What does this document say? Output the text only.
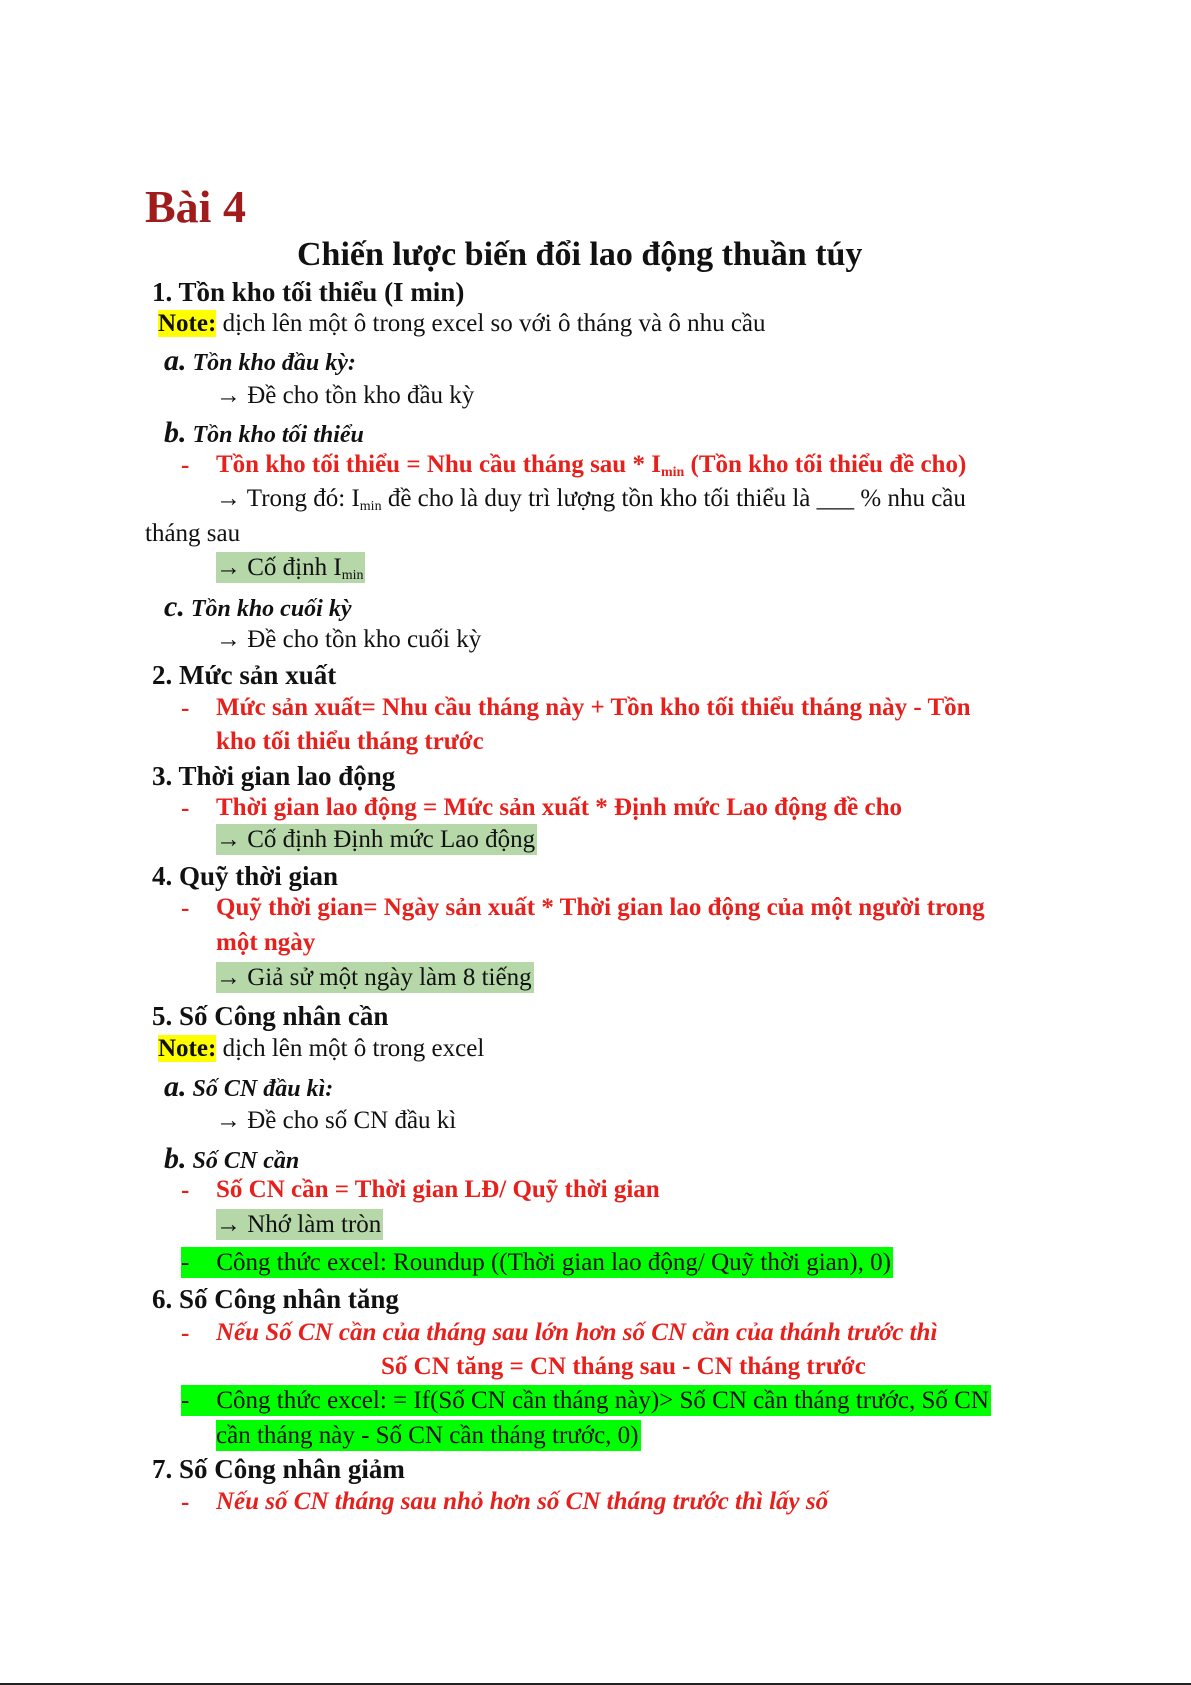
Bài 4
Chiến lược biến đổi lao động thuần túy
1. Tồn kho tối thiểu (I min)
Note: dịch lên một ô trong excel so với ô tháng và ô nhu cầu
a. Tồn kho đầu kỳ:
→ Đề cho tồn kho đầu kỳ
b. Tồn kho tối thiểu
- Tồn kho tối thiểu = Nhu cầu tháng sau * $I_{min}$ (Tồn kho tối thiểu đề cho)
→ Trong đó: $I_{min}$ đề cho là duy trì lượng tồn kho tối thiểu là ___ % nhu cầu
tháng sau
→ Cố định $I_{min}$
c. Tồn kho cuối kỳ
→ Đề cho tồn kho cuối kỳ
2. Mức sản xuất
- Mức sản xuất= Nhu cầu tháng này + Tồn kho tối thiểu tháng này - Tồn
kho tối thiểu tháng trước
3. Thời gian lao động
- Thời gian lao động = Mức sản xuất * Định mức Lao động đề cho
→ Cố định Định mức Lao động
4. Quỹ thời gian
- Quỹ thời gian= Ngày sản xuất * Thời gian lao động của một người trong
một ngày
→ Giả sử một ngày làm 8 tiếng
5. Số Công nhân cần
Note: dịch lên một ô trong excel
a. Số CN đầu kì:
→ Đề cho số CN đầu kì
b. Số CN cần
- Số CN cần = Thời gian LĐ/ Quỹ thời gian
→ Nhớ làm tròn
- Công thức excel: Roundup ((Thời gian lao động/ Quỹ thời gian), 0)
6. Số Công nhân tăng
- Nếu Số CN cần của tháng sau lớn hơn số CN cần của thánh trước thì
Số CN tăng = CN tháng sau - CN tháng trước
- Công thức excel: = If(Số CN cần tháng này)> Số CN cần tháng trước, Số CN
cần tháng này - Số CN cần tháng trước, 0)
7. Số Công nhân giảm
- Nếu số CN tháng sau nhỏ hơn số CN tháng trước thì lấy số
